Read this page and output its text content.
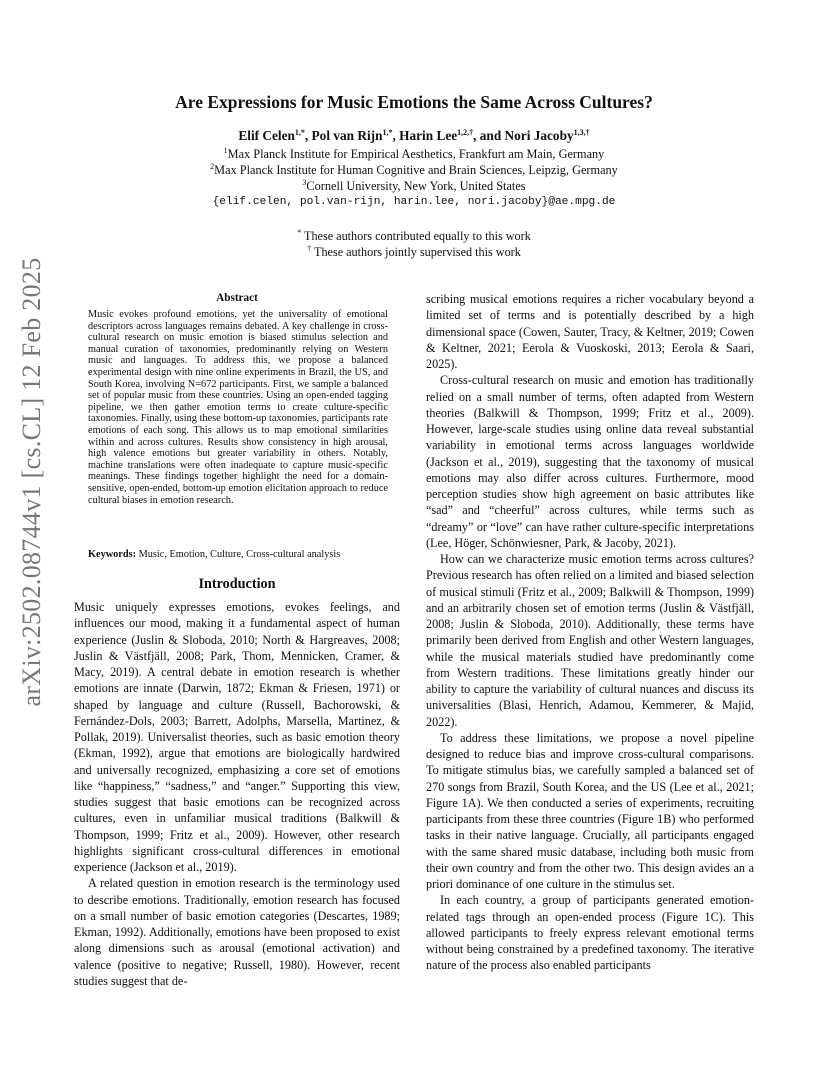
arXiv:2502.08744v1 [cs.CL] 12 Feb 2025
Are Expressions for Music Emotions the Same Across Cultures?
Elif Celen$^{1,*}$, Pol van Rijn$^{1,*}$, Harin Lee$^{1,2,\dagger}$, and Nori Jacoby$^{1,3,\dagger}$
$^1$Max Planck Institute for Empirical Aesthetics, Frankfurt am Main, Germany
$^2$Max Planck Institute for Human Cognitive and Brain Sciences, Leipzig, Germany
$^3$Cornell University, New York, United States
{elif.celen, pol.van-rijn, harin.lee, nori.jacoby}@ae.mpg.de
* These authors contributed equally to this work
† These authors jointly supervised this work
Abstract
Music evokes profound emotions, yet the universality of emotional descriptors across languages remains debated. A key challenge in cross-cultural research on music emotion is biased stimulus selection and manual curation of taxonomies, predominantly relying on Western music and languages. To address this, we propose a balanced experimental design with nine online experiments in Brazil, the US, and South Korea, involving N=672 participants. First, we sample a balanced set of popular music from these countries. Using an open-ended tagging pipeline, we then gather emotion terms to create culture-specific taxonomies. Finally, using these bottom-up taxonomies, participants rate emotions of each song. This allows us to map emotional similarities within and across cultures. Results show consistency in high arousal, high valence emotions but greater variability in others. Notably, machine translations were often inadequate to capture music-specific meanings. These findings together highlight the need for a domain-sensitive, open-ended, bottom-up emotion elicitation approach to reduce cultural biases in emotion research.
Keywords: Music, Emotion, Culture, Cross-cultural analysis
Introduction

Music uniquely expresses emotions, evokes feelings, and influences our mood, making it a fundamental aspect of human experience (Juslin & Sloboda, 2010; North & Hargreaves, 2008; Juslin & Västfjäll, 2008; Park, Thom, Mennicken, Cramer, & Macy, 2019). A central debate in emotion research is whether emotions are innate (Darwin, 1872; Ekman & Friesen, 1971) or shaped by language and culture (Russell, Bachorowski, & Fernández-Dols, 2003; Barrett, Adolphs, Marsella, Martinez, & Pollak, 2019). Universalist theories, such as basic emotion theory (Ekman, 1992), argue that emotions are biologically hardwired and universally recognized, emphasizing a core set of emotions like “happiness,” “sadness,” and “anger.” Supporting this view, studies suggest that basic emotions can be recognized across cultures, even in unfamiliar musical traditions (Balkwill & Thompson, 1999; Fritz et al., 2009). However, other research highlights significant cross-cultural differences in emotional experience (Jackson et al., 2019).

A related question in emotion research is the terminology used to describe emotions. Traditionally, emotion research has focused on a small number of basic emotion categories (Descartes, 1989; Ekman, 1992). Additionally, emotions have been proposed to exist along dimensions such as arousal (emotional activation) and valence (positive to negative; Russell, 1980). However, recent studies suggest that de-

scribing musical emotions requires a richer vocabulary beyond a limited set of terms and is potentially described by a high dimensional space (Cowen, Sauter, Tracy, & Keltner, 2019; Cowen & Keltner, 2021; Eerola & Vuoskoski, 2013; Eerola & Saari, 2025).

Cross-cultural research on music and emotion has traditionally relied on a small number of terms, often adapted from Western theories (Balkwill & Thompson, 1999; Fritz et al., 2009). However, large-scale studies using online data reveal substantial variability in emotional terms across languages worldwide (Jackson et al., 2019), suggesting that the taxonomy of musical emotions may also differ across cultures. Furthermore, mood perception studies show high agreement on basic attributes like “sad” and “cheerful” across cultures, while terms such as “dreamy” or “love” can have rather culture-specific interpretations (Lee, Höger, Schönwiesner, Park, & Jacoby, 2021).

How can we characterize music emotion terms across cultures? Previous research has often relied on a limited and biased selection of musical stimuli (Fritz et al., 2009; Balkwill & Thompson, 1999) and an arbitrarily chosen set of emotion terms (Juslin & Västfjäll, 2008; Juslin & Sloboda, 2010). Additionally, these terms have primarily been derived from English and other Western languages, while the musical materials studied have predominantly come from Western traditions. These limitations greatly hinder our ability to capture the variability of cultural nuances and discuss its universalities (Blasi, Henrich, Adamou, Kemmerer, & Majid, 2022).

To address these limitations, we propose a novel pipeline designed to reduce bias and improve cross-cultural comparisons. To mitigate stimulus bias, we carefully sampled a balanced set of 270 songs from Brazil, South Korea, and the US (Lee et al., 2021; Figure 1A). We then conducted a series of experiments, recruiting participants from these three countries (Figure 1B) who performed tasks in their native language. Crucially, all participants engaged with the same shared music database, including both music from their own country and from the other two. This design avides an a priori dominance of one culture in the stimulus set.

In each country, a group of participants generated emotion-related tags through an open-ended process (Figure 1C). This allowed participants to freely express relevant emotional terms without being constrained by a predefined taxonomy. The iterative nature of the process also enabled participants
